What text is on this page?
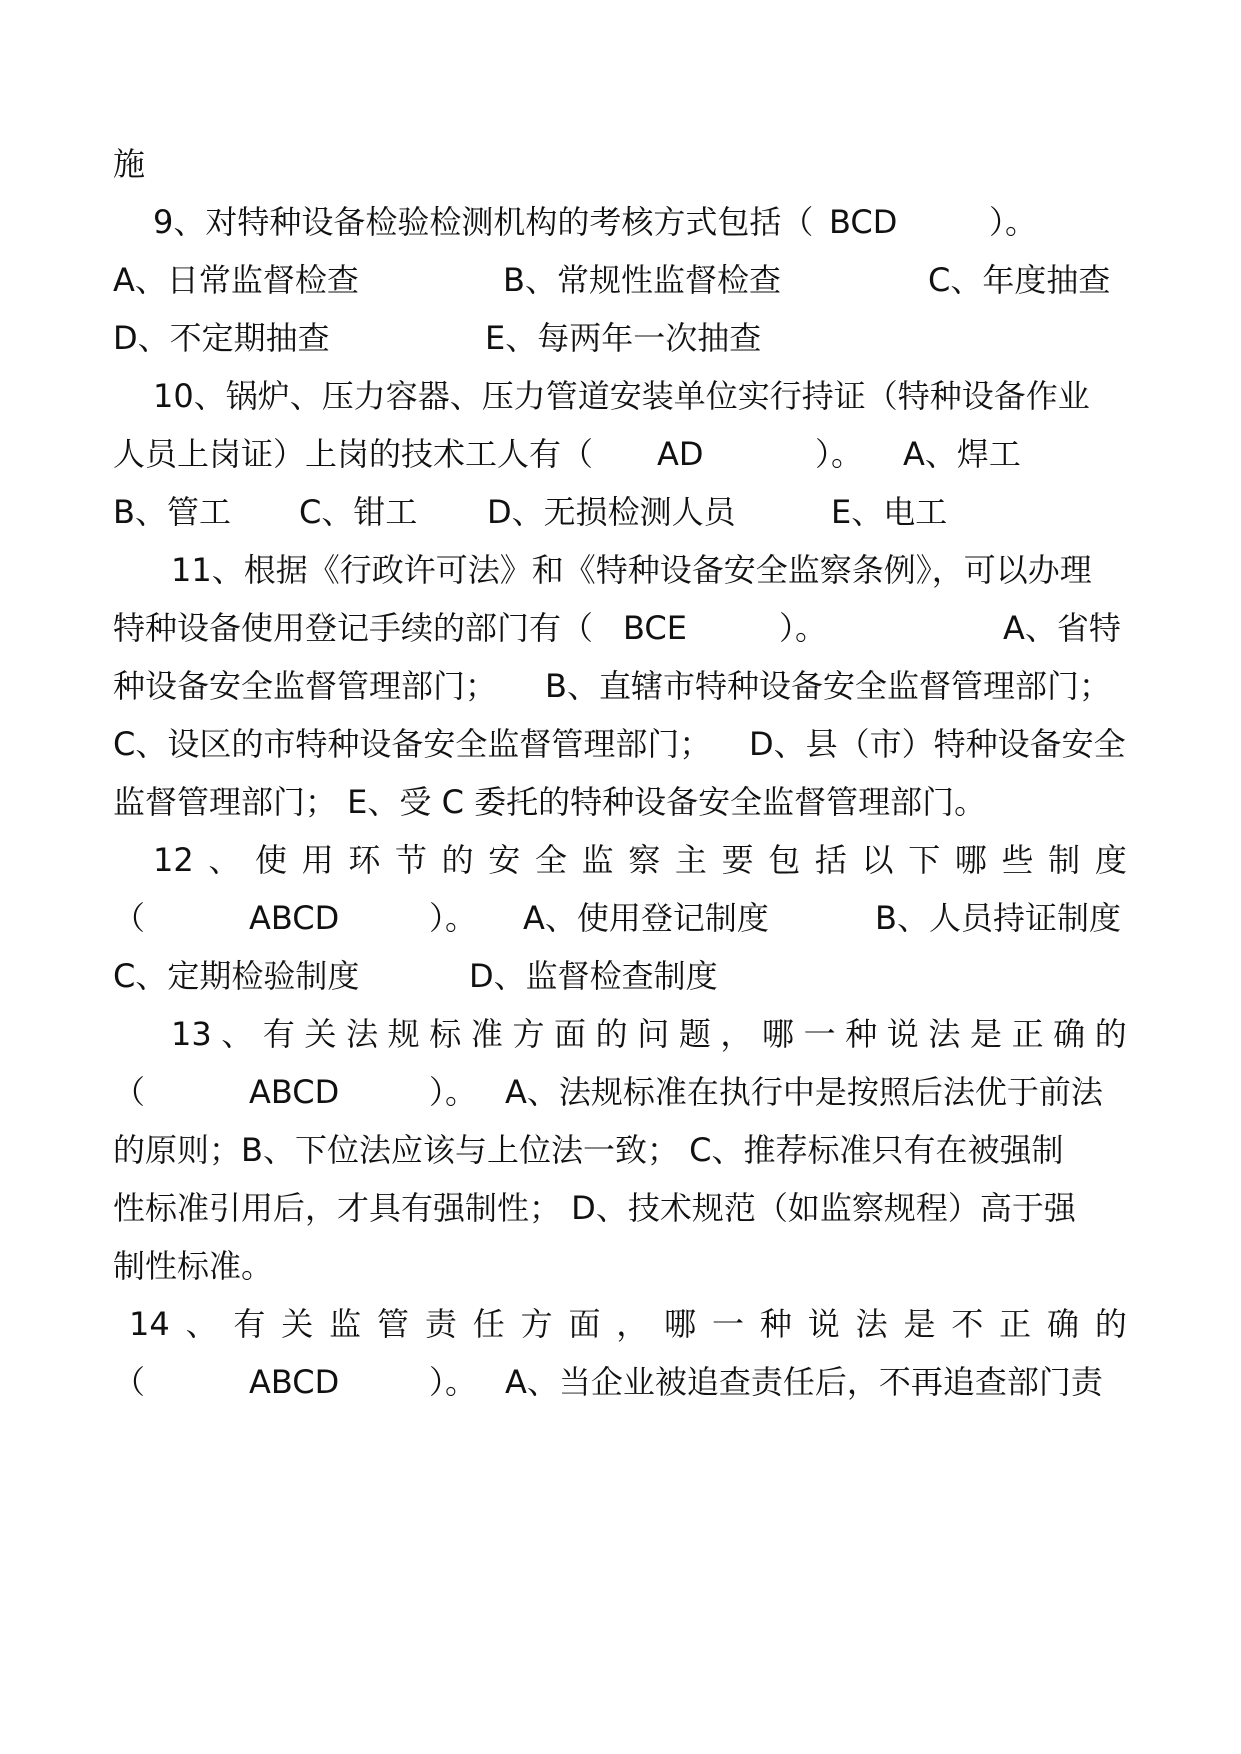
施
9、对特种设备检验检测机构的考核方式包括（ BCD	）。
A、日常监督检查	B、常规性监督检查	C、年度抽查
D、不定期抽查	E、每两年一次抽查
10、锅炉、压力容器、压力管道安装单位实行持证（特种设备作业
人员上岗证）上岗的技术工人有（ AD	）。 A、焊工
B、管工 C、钳工 D、无损检测人员	E、电工
11、根据《行政许可法》和《特种设备安全监察条例》，可以办理
特种设备使用登记手续的部门有（ BCE	）。	A、省特
种设备安全监督管理部门； B、直辖市特种设备安全监督管理部门；
C、设区的市特种设备安全监督管理部门； D、县（市）特种设备安全
监督管理部门； E、受 C 委托的特种设备安全监督管理部门。
12 、 使 用 环 节 的 安 全 监 察 主 要 包 括 以 下 哪 些 制 度
（	ABCD	）。 A、使用登记制度	B、人员持证制度
C、定期检验制度	D、监督检查制度
13 、 有 关 法 规 标 准 方 面 的 问 题 ， 哪 一 种 说 法 是 正 确 的
（	ABCD	）。 A、法规标准在执行中是按照后法优于前法
的原则；B、下位法应该与上位法一致； C、推荐标准只有在被强制
性标准引用后，才具有强制性； D、技术规范（如监察规程）高于强
制性标准。
14 、 有 关 监 管 责 任 方 面 ， 哪 一 种 说 法 是 不 正 确 的
（	ABCD	）。 A、当企业被追查责任后，不再追查部门责
